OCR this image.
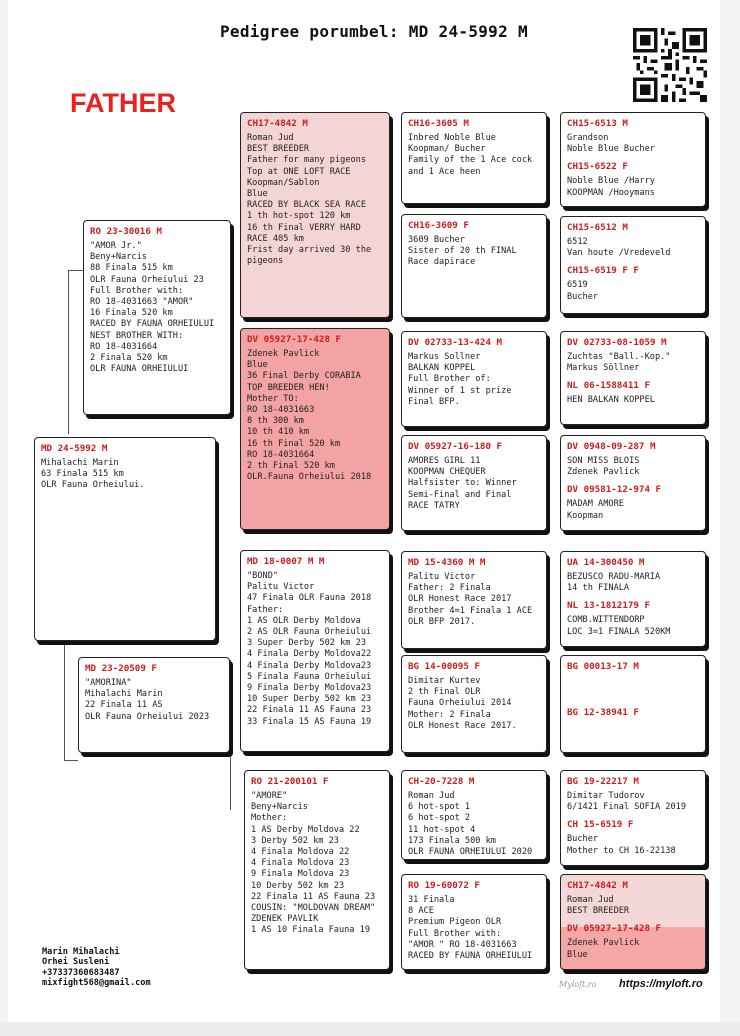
Pedigree porumbel: MD 24-5992 M
FATHER
MD 24-5992 M
Mihalachi Marin
63 Finala 515 km
OLR Fauna Orheiului.
RO 23-30016 M
"AMOR Jr."
Beny+Narcis
88 Finala 515 km
OLR Fauna Orheiului 23
Full Brother with:
RO 18-4031663 "AMOR"
16 Finala 520 km
RACED BY FAUNA ORHEIULUI
NEST BROTHER WITH:
RO 18-4031664
2 Finala 520 km
OLR FAUNA ORHEIULUI
MD 23-20509 F
"AMORINA"
Mihalachi Marin
22 Finala 11 AS
OLR Fauna Orheiului 2023
CH17-4842 M
Roman Jud
BEST BREEDER
Father for many pigeons
Top at ONE LOFT RACE
Koopman/Sablon
Blue
RACED BY BLACK SEA RACE
1 th hot-spot 120 km
16 th Final VERRY HARD
RACE 405 km
Frist day arrived 30 the
pigeons
DV 05927-17-428 F
Zdenek Pavlick
Blue
36 Final Derby CORABIA
TOP BREEDER HEN!
Mother TO:
RO 18-4031663
8 th 300 km
10 th 410 km
16 th Final 520 km
RO 18-4031664
2 th Final 520 km
OLR.Fauna Orheiului 2018
MD 18-0007 M M
"BOND"
Palitu Victor
47 Finala OLR Fauna 2018
Father:
1 AS OLR Derby Moldova
2 AS OLR Fauna Orheiului
3 Super Derby 502 km 23
4 Finala Derby Moldova22
4 Finala Derby Moldova23
5 Finala Fauna Orheiului
9 Finala Derby Moldova23
10 Super Derby 502 km 23
22 Finala 11 AS Fauna 23
33 Finala 15 AS Fauna 19
RO 21-200101 F
"AMORE"
Beny+Narcis
Mother:
1 AS Derby Moldova 22
3 Derby 502 km 23
4 Finala Moldova 22
4 Finala Moldova 23
9 Finala Moldova 23
10 Derby 502 km 23
22 Finala 11 AS Fauna 23
COUSIN: "MOLDOVAN DREAM"
ZDENEK PAVLIK
1 AS 10 Finala Fauna 19
CH16-3605 M
Inbred Noble Blue
Koopman/ Bucher
Family of the 1 Ace cock
and 1 Ace heen
CH16-3609 F
3609 Bucher
Sister of 20 th FINAL
Race dapirace
DV 02733-13-424 M
Markus Sollner
BALKAN KOPPEL
Full Brother of:
Winner of 1 st prize
Final BFP.
DV 05927-16-180 F
AMORES GIRL 11
KOOPMAN CHEQUER
Halfsister to: Winner
Semi-Final and Final
RACE TATRY
MD 15-4360 M M
Palitu Victor
Father: 2 Finala
OLR Honest Race 2017
Brother 4=1 Finala 1 ACE
OLR BFP 2017.
BG 14-00095 F
Dimitar Kurtev
2 th Final OLR
Fauna Orheiului 2014
Mother: 2 Finala
OLR Honest Race 2017.
CH-20-7228 M
Roman Jud
6 hot-spot 1
6 hot-spot 2
11 hot-spot 4
173 Finala 500 km
OLR FAUNA ORHEIULUI 2020
RO 19-60072 F
31 Finala
8 ACE
Premium Pigeon OLR
Full Brother with:
"AMOR " RO 18-4031663
RACED BY FAUNA ORHEIULUI
CH15-6513 M
Grandson
Noble Blue Bucher
CH15-6522 F
Noble Blue /Harry
KOOPMAN /Hooymans
CH15-6512 M
6512
Van houte /Vredeveld
CH15-6519 F F
6519
Bucher
DV 02733-08-1059 M
Zuchtas "Ball.-Kop."
Markus Söllner
NL 06-1588411 F
HEN BALKAN KOPPEL
DV 0948-09-287 M
SON MISS BLOIS
Zdenek Pavlick
DV 09581-12-974 F
MADAM AMORE
Koopman
UA 14-300450 M
BEZUSCO RADU-MARIA
14 th FINALA
NL 13-1812179 F
COMB.WITTENDORP
LOC 3=1 FINALA 520KM
BG 00013-17 M
BG 12-38941 F
BG 19-22217 M
Dimitar Tudorov
6/1421 Final SOFIA 2019
CH 15-6519 F
Bucher
Mother to CH 16-22138
CH17-4842 M
Roman Jud
BEST BREEDER
DV 05927-17-428 F
Zdenek Pavlick
Blue
Marin Mihalachi
Orhei Susleni
+37337360683487
mixfight568@gmail.com	Myloft.ro https://myloft.ro
